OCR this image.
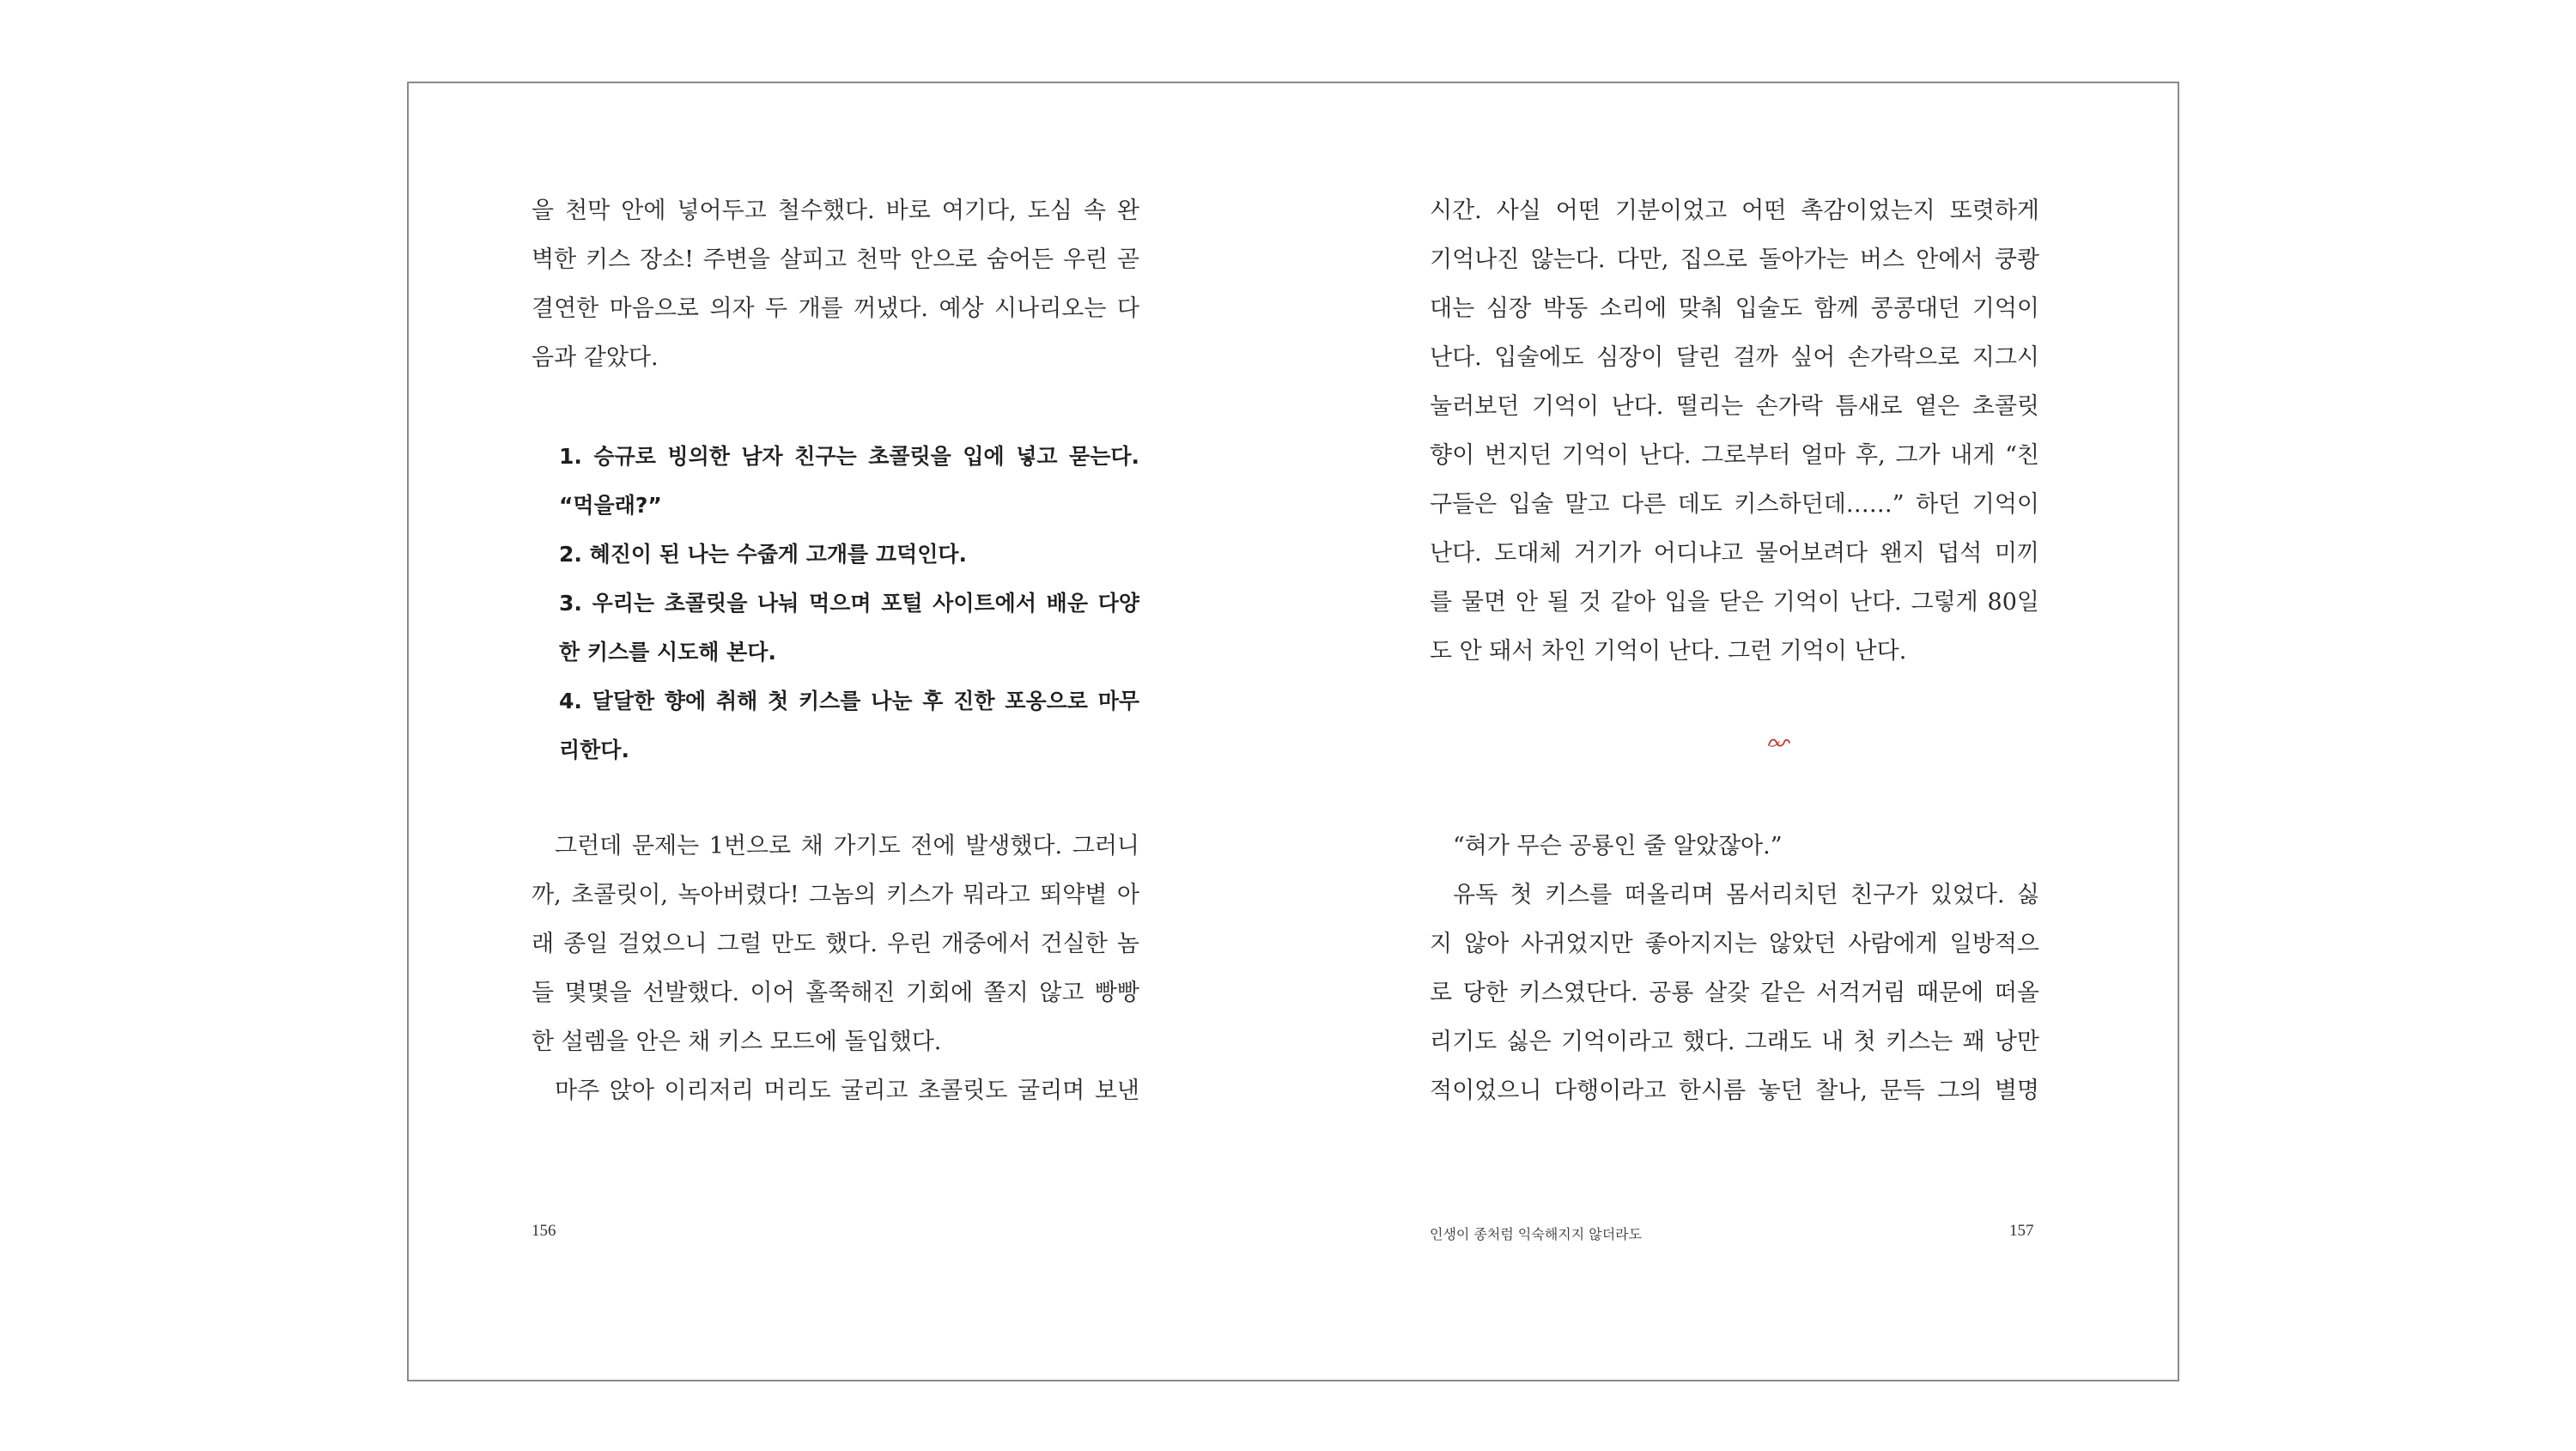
을 천막 안에 넣어두고 철수했다. 바로 여기다, 도심 속 완
벽한 키스 장소! 주변을 살피고 천막 안으로 숨어든 우린 곧
결연한 마음으로 의자 두 개를 꺼냈다. 예상 시나리오는 다
음과 같았다.
1. 승규로 빙의한 남자 친구는 초콜릿을 입에 넣고 묻는다.
“먹을래?”
2. 혜진이 된 나는 수줍게 고개를 끄덕인다.
3. 우리는 초콜릿을 나눠 먹으며 포털 사이트에서 배운 다양
한 키스를 시도해 본다.
4. 달달한 향에 취해 첫 키스를 나눈 후 진한 포옹으로 마무
리한다.
그런데 문제는 1번으로 채 가기도 전에 발생했다. 그러니
까, 초콜릿이, 녹아버렸다! 그놈의 키스가 뭐라고 뙤약볕 아
래 종일 걸었으니 그럴 만도 했다. 우린 개중에서 건실한 놈
들 몇몇을 선발했다. 이어 홀쭉해진 기회에 쫄지 않고 빵빵
한 설렘을 안은 채 키스 모드에 돌입했다.
마주 앉아 이리저리 머리도 굴리고 초콜릿도 굴리며 보낸
156
시간. 사실 어떤 기분이었고 어떤 촉감이었는지 또렷하게
기억나진 않는다. 다만, 집으로 돌아가는 버스 안에서 쿵쾅
대는 심장 박동 소리에 맞춰 입술도 함께 콩콩대던 기억이
난다. 입술에도 심장이 달린 걸까 싶어 손가락으로 지그시
눌러보던 기억이 난다. 떨리는 손가락 틈새로 옅은 초콜릿
향이 번지던 기억이 난다. 그로부터 얼마 후, 그가 내게 “친
구들은 입술 말고 다른 데도 키스하던데……” 하던 기억이
난다. 도대체 거기가 어디냐고 물어보려다 왠지 덥석 미끼
를 물면 안 될 것 같아 입을 닫은 기억이 난다. 그렇게 80일
도 안 돼서 차인 기억이 난다. 그런 기억이 난다.
“혀가 무슨 공룡인 줄 알았잖아.”
유독 첫 키스를 떠올리며 몸서리치던 친구가 있었다. 싫
지 않아 사귀었지만 좋아지지는 않았던 사람에게 일방적으
로 당한 키스였단다. 공룡 살갗 같은 서걱거림 때문에 떠올
리기도 싫은 기억이라고 했다. 그래도 내 첫 키스는 꽤 낭만
적이었으니 다행이라고 한시름 놓던 찰나, 문득 그의 별명
인생이 종처럼 익숙해지지 않더라도	157
